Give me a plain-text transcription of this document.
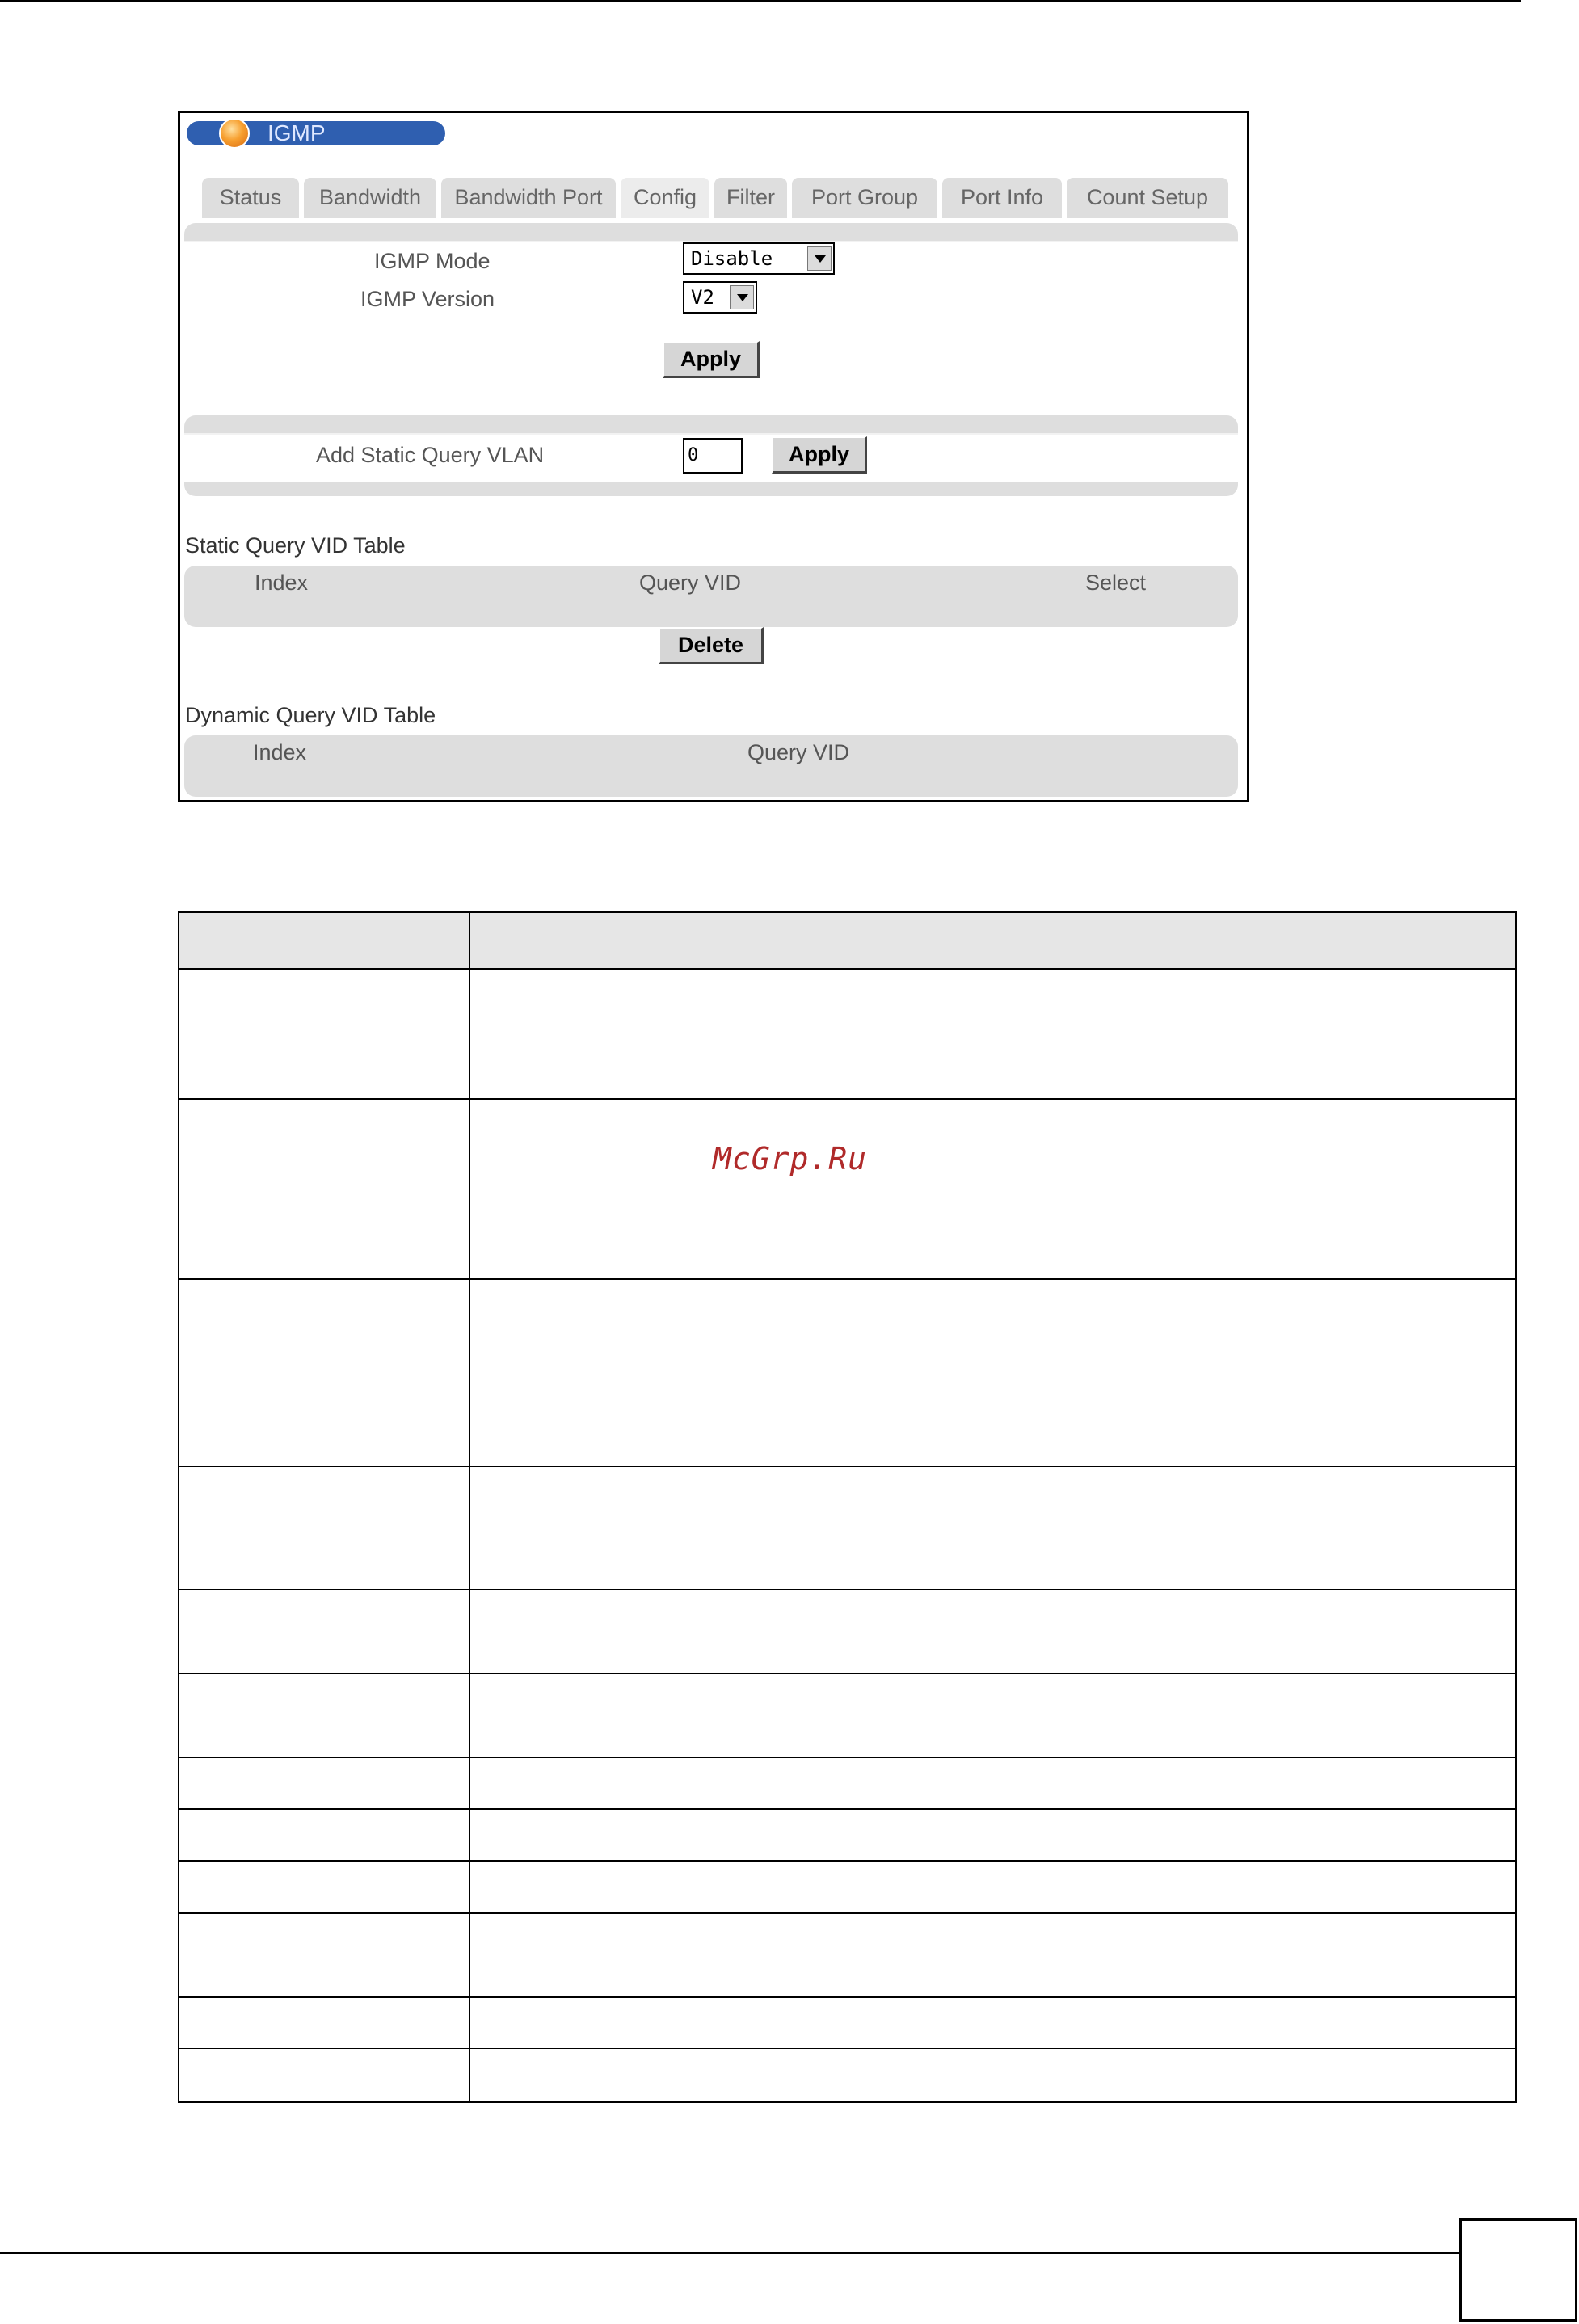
IGMP
Status	Bandwidth	Bandwidth Port	Config	Filter	Port Group	Port Info	Count Setup
IGMP Mode	Disable
IGMP Version	V2
Apply
Add Static Query VLAN	0	Apply
Static Query VID Table
Index	Query VID	Select
Delete
Dynamic Query VID Table
Index	Query VID
McGrp.Ru
